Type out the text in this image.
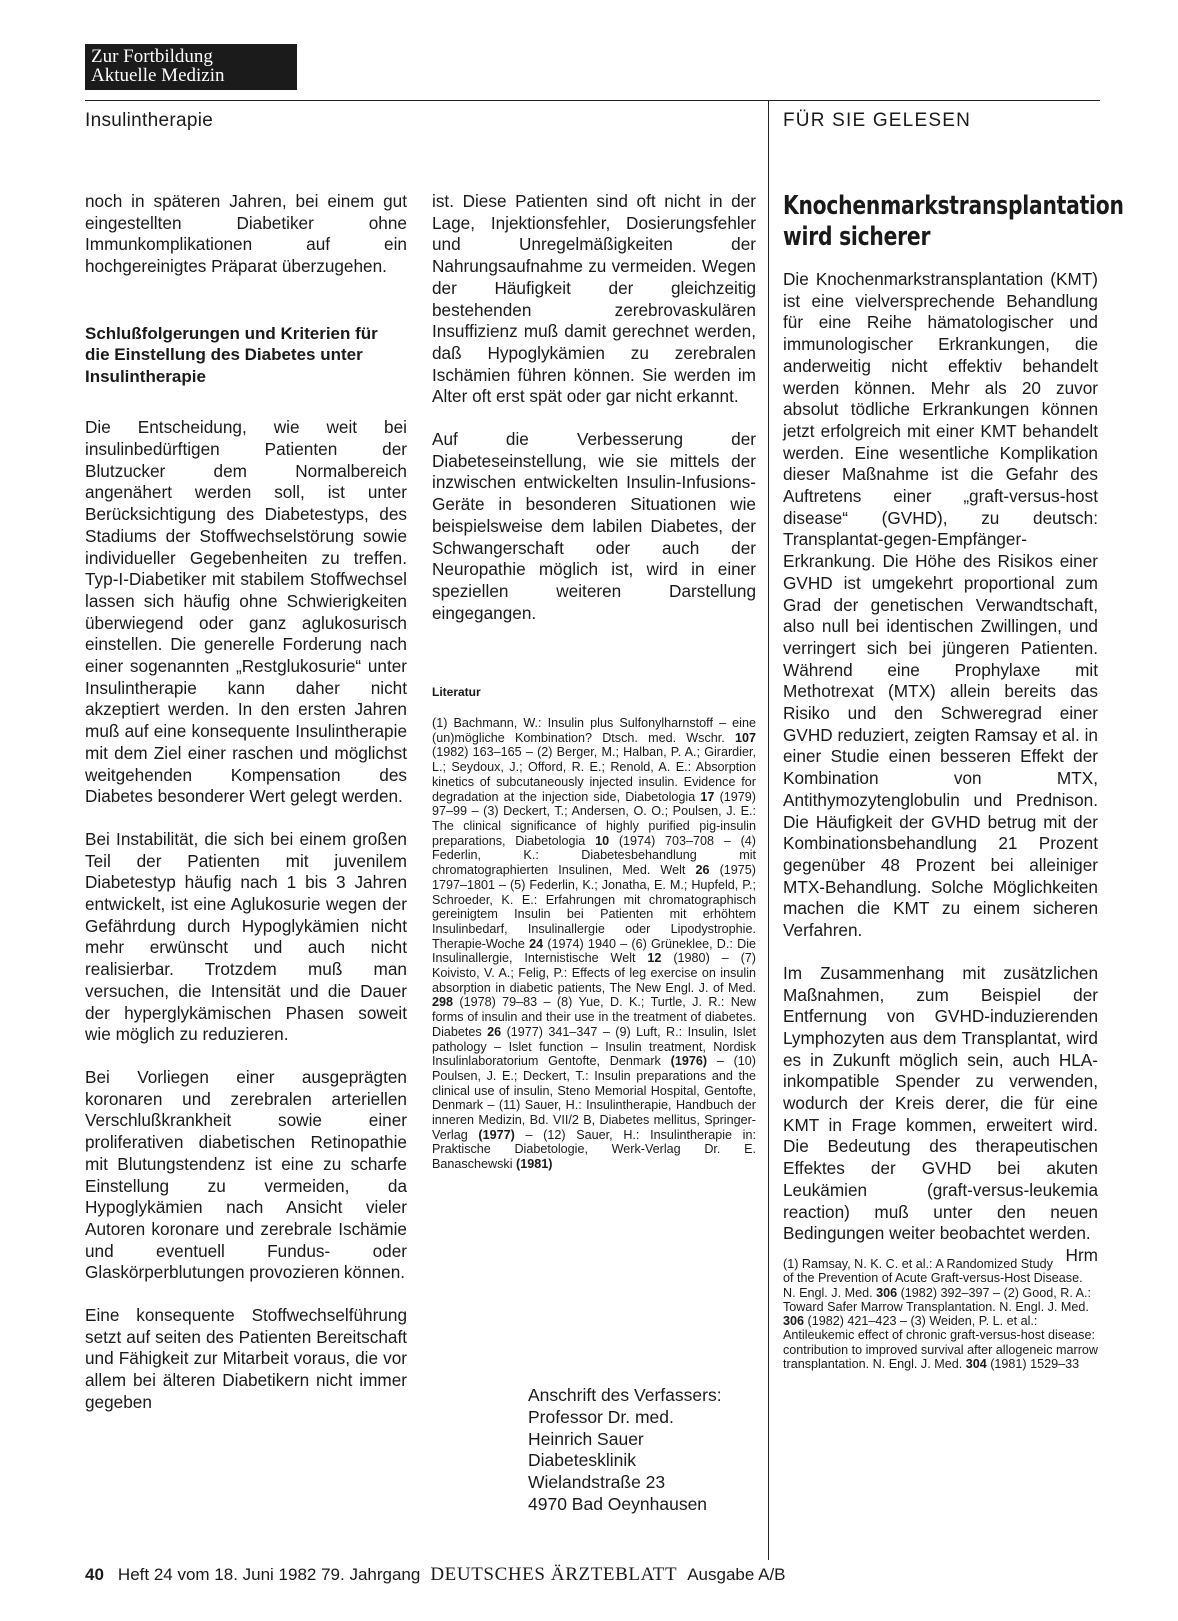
Zur Fortbildung
Aktuelle Medizin
Insulintherapie	FÜR SIE GELESEN

noch in späteren Jahren, bei einem gut eingestellten Diabetiker ohne Immunkomplikationen auf ein hochgereinigtes Präparat überzugehen.

Schlußfolgerungen und Kriterien für die Einstellung des Diabetes unter Insulintherapie

Die Entscheidung, wie weit bei insulinbedürftigen Patienten der Blutzucker dem Normalbereich angenähert werden soll, ist unter Berücksichtigung des Diabetestyps, des Stadiums der Stoffwechselstörung sowie individueller Gegebenheiten zu treffen. Typ-I-Diabetiker mit stabilem Stoffwechsel lassen sich häufig ohne Schwierigkeiten überwiegend oder ganz aglukosurisch einstellen. Die generelle Forderung nach einer sogenannten „Restglukosurie“ unter Insulintherapie kann daher nicht akzeptiert werden. In den ersten Jahren muß auf eine konsequente Insulintherapie mit dem Ziel einer raschen und möglichst weitgehenden Kompensation des Diabetes besonderer Wert gelegt werden.

Bei Instabilität, die sich bei einem großen Teil der Patienten mit juvenilem Diabetestyp häufig nach 1 bis 3 Jahren entwickelt, ist eine Aglukosurie wegen der Gefährdung durch Hypoglykämien nicht mehr erwünscht und auch nicht realisierbar. Trotzdem muß man versuchen, die Intensität und die Dauer der hyperglykämischen Phasen soweit wie möglich zu reduzieren.

Bei Vorliegen einer ausgeprägten koronaren und zerebralen arteriellen Verschlußkrankheit sowie einer proliferativen diabetischen Retinopathie mit Blutungstendenz ist eine zu scharfe Einstellung zu vermeiden, da Hypoglykämien nach Ansicht vieler Autoren koronare und zerebrale Ischämie und eventuell Fundus- oder Glaskörperblutungen provozieren können.

Eine konsequente Stoffwechselführung setzt auf seiten des Patienten Bereitschaft und Fähigkeit zur Mitarbeit voraus, die vor allem bei älteren Diabetikern nicht immer gegeben

ist. Diese Patienten sind oft nicht in der Lage, Injektionsfehler, Dosierungsfehler und Unregelmäßigkeiten der Nahrungsaufnahme zu vermeiden. Wegen der Häufigkeit der gleichzeitig bestehenden zerebrovaskulären Insuffizienz muß damit gerechnet werden, daß Hypoglykämien zu zerebralen Ischämien führen können. Sie werden im Alter oft erst spät oder gar nicht erkannt.

Auf die Verbesserung der Diabeteseinstellung, wie sie mittels der inzwischen entwickelten Insulin-Infusions-Geräte in besonderen Situationen wie beispielsweise dem labilen Diabetes, der Schwangerschaft oder auch der Neuropathie möglich ist, wird in einer speziellen weiteren Darstellung eingegangen.

Literatur
(1) Bachmann, W.: Insulin plus Sulfonylharnstoff – eine (un)mögliche Kombination? Dtsch. med. Wschr. 107 (1982) 163–165 – (2) Berger, M.; Halban, P. A.; Girardier, L.; Seydoux, J.; Offord, R. E.; Renold, A. E.: Absorption kinetics of subcutaneously injected insulin. Evidence for degradation at the injection side, Diabetologia 17 (1979) 97–99 – (3) Deckert, T.; Andersen, O. O.; Poulsen, J. E.: The clinical significance of highly purified pig-insulin preparations, Diabetologia 10 (1974) 703–708 – (4) Federlin, K.: Diabetesbehandlung mit chromatographierten Insulinen, Med. Welt 26 (1975) 1797–1801 – (5) Federlin, K.; Jonatha, E. M.; Hupfeld, P.; Schroeder, K. E.: Erfahrungen mit chromatographisch gereinigtem Insulin bei Patienten mit erhöhtem Insulinbedarf, Insulinallergie oder Lipodystrophie. Therapie-Woche 24 (1974) 1940 – (6) Grüneklee, D.: Die Insulinallergie, Internistische Welt 12 (1980) – (7) Koivisto, V. A.; Felig, P.: Effects of leg exercise on insulin absorption in diabetic patients, The New Engl. J. of Med. 298 (1978) 79–83 – (8) Yue, D. K.; Turtle, J. R.: New forms of insulin and their use in the treatment of diabetes. Diabetes 26 (1977) 341–347 – (9) Luft, R.: Insulin, Islet pathology – Islet function – Insulin treatment, Nordisk Insulinlaboratorium Gentofte, Denmark (1976) – (10) Poulsen, J. E.; Deckert, T.: Insulin preparations and the clinical use of insulin, Steno Memorial Hospital, Gentofte, Denmark – (11) Sauer, H.: Insulintherapie, Handbuch der inneren Medizin, Bd. VII/2 B, Diabetes mellitus, Springer-Verlag (1977) – (12) Sauer, H.: Insulintherapie in: Praktische Diabetologie, Werk-Verlag Dr. E. Banaschewski (1981)
Anschrift des Verfassers:
Professor Dr. med.
Heinrich Sauer
Diabetesklinik
Wielandstraße 23
4970 Bad Oeynhausen
Knochenmarkstransplantation wird sicherer

Die Knochenmarkstransplantation (KMT) ist eine vielversprechende Behandlung für eine Reihe hämatologischer und immunologischer Erkrankungen, die anderweitig nicht effektiv behandelt werden können. Mehr als 20 zuvor absolut tödliche Erkrankungen können jetzt erfolgreich mit einer KMT behandelt werden. Eine wesentliche Komplikation dieser Maßnahme ist die Gefahr des Auftretens einer „graft-versus-host disease“ (GVHD), zu deutsch: Transplantat-gegen-Empfänger-Erkrankung. Die Höhe des Risikos einer GVHD ist umgekehrt proportional zum Grad der genetischen Verwandtschaft, also null bei identischen Zwillingen, und verringert sich bei jüngeren Patienten. Während eine Prophylaxe mit Methotrexat (MTX) allein bereits das Risiko und den Schweregrad einer GVHD reduziert, zeigten Ramsay et al. in einer Studie einen besseren Effekt der Kombination von MTX, Antithymozytenglobulin und Prednison. Die Häufigkeit der GVHD betrug mit der Kombinationsbehandlung 21 Prozent gegenüber 48 Prozent bei alleiniger MTX-Behandlung. Solche Möglichkeiten machen die KMT zu einem sicheren Verfahren.

Im Zusammenhang mit zusätzlichen Maßnahmen, zum Beispiel der Entfernung von GVHD-induzierenden Lymphozyten aus dem Transplantat, wird es in Zukunft möglich sein, auch HLA-inkompatible Spender zu verwenden, wodurch der Kreis derer, die für eine KMT in Frage kommen, erweitert wird. Die Bedeutung des therapeutischen Effektes der GVHD bei akuten Leukämien (graft-versus-leukemia reaction) muß unter den neuen Bedingungen weiter beobachtet werden.
Hrm

(1) Ramsay, N. K. C. et al.: A Randomized Study of the Prevention of Acute Graft-versus-Host Disease. N. Engl. J. Med. 306 (1982) 392–397 – (2) Good, R. A.: Toward Safer Marrow Transplantation. N. Engl. J. Med. 306 (1982) 421–423 – (3) Weiden, P. L. et al.: Antileukemic effect of chronic graft-versus-host disease: contribution to improved survival after allogeneic marrow transplantation. N. Engl. J. Med. 304 (1981) 1529–33
40 Heft 24 vom 18. Juni 1982 79. Jahrgang DEUTSCHES ÄRZTEBLATT Ausgabe A/B
